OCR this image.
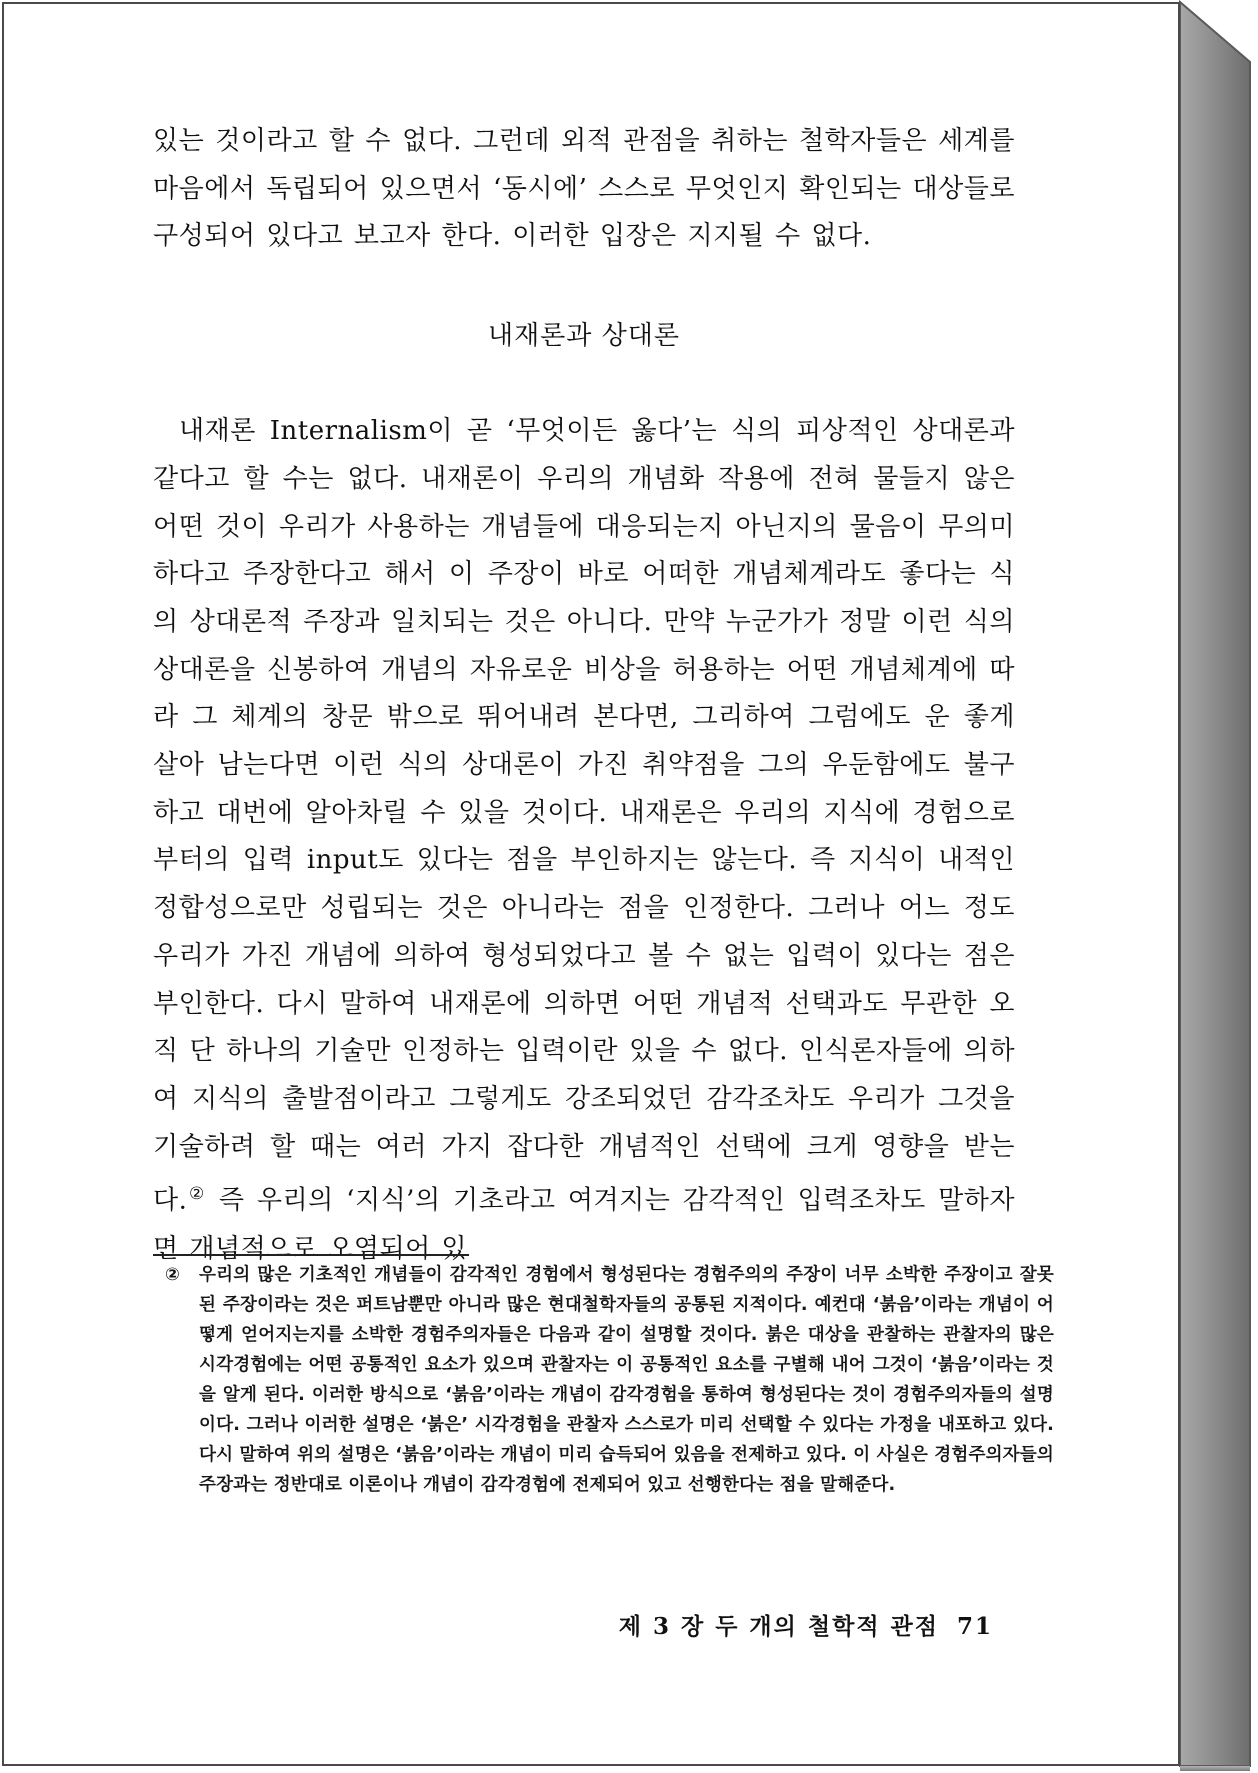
있는 것이라고 할 수 없다. 그런데 외적 관점을 취하는 철학자들은 세계를 마음에서 독립되어 있으면서 ‘동시에’ 스스로 무엇인지 확인되는 대상들로 구성되어 있다고 보고자 한다. 이러한 입장은 지지될 수 없다.

내재론과 상대론

내재론 Internalism이 곧 ‘무엇이든 옳다’는 식의 피상적인 상대론과 같다고 할 수는 없다. 내재론이 우리의 개념화 작용에 전혀 물들지 않은 어떤 것이 우리가 사용하는 개념들에 대응되는지 아닌지의 물음이 무의미하다고 주장한다고 해서 이 주장이 바로 어떠한 개념체계라도 좋다는 식의 상대론적 주장과 일치되는 것은 아니다. 만약 누군가가 정말 이런 식의 상대론을 신봉하여 개념의 자유로운 비상을 허용하는 어떤 개념체계에 따라 그 체계의 창문 밖으로 뛰어내려 본다면, 그리하여 그럼에도 운 좋게 살아 남는다면 이런 식의 상대론이 가진 취약점을 그의 우둔함에도 불구하고 대번에 알아차릴 수 있을 것이다. 내재론은 우리의 지식에 경험으로부터의 입력 input도 있다는 점을 부인하지는 않는다. 즉 지식이 내적인 정합성으로만 성립되는 것은 아니라는 점을 인정한다. 그러나 어느 정도 우리가 가진 개념에 의하여 형성되었다고 볼 수 없는 입력이 있다는 점은 부인한다. 다시 말하여 내재론에 의하면 어떤 개념적 선택과도 무관한 오직 단 하나의 기술만 인정하는 입력이란 있을 수 없다. 인식론자들에 의하여 지식의 출발점이라고 그렇게도 강조되었던 감각조차도 우리가 그것을 기술하려 할 때는 여러 가지 잡다한 개념적인 선택에 크게 영향을 받는다.② 즉 우리의 ‘지식’의 기초라고 여겨지는 감각적인 입력조차도 말하자면 개념적으로 오염되어 있

② 우리의 많은 기초적인 개념들이 감각적인 경험에서 형성된다는 경험주의의 주장이 너무 소박한 주장이고 잘못된 주장이라는 것은 퍼트남뿐만 아니라 많은 현대철학자들의 공통된 지적이다. 예컨대 ‘붉음’이라는 개념이 어떻게 얻어지는지를 소박한 경험주의자들은 다음과 같이 설명할 것이다. 붉은 대상을 관찰하는 관찰자의 많은 시각경험에는 어떤 공통적인 요소가 있으며 관찰자는 이 공통적인 요소를 구별해 내어 그것이 ‘붉음’이라는 것을 알게 된다. 이러한 방식으로 ‘붉음’이라는 개념이 감각경험을 통하여 형성된다는 것이 경험주의자들의 설명이다. 그러나 이러한 설명은 ‘붉은’ 시각경험을 관찰자 스스로가 미리 선택할 수 있다는 가정을 내포하고 있다. 다시 말하여 위의 설명은 ‘붉음’이라는 개념이 미리 습득되어 있음을 전제하고 있다. 이 사실은 경험주의자들의 주장과는 정반대로 이론이나 개념이 감각경험에 전제되어 있고 선행한다는 점을 말해준다.

제 3 장 두 개의 철학적 관점 71
